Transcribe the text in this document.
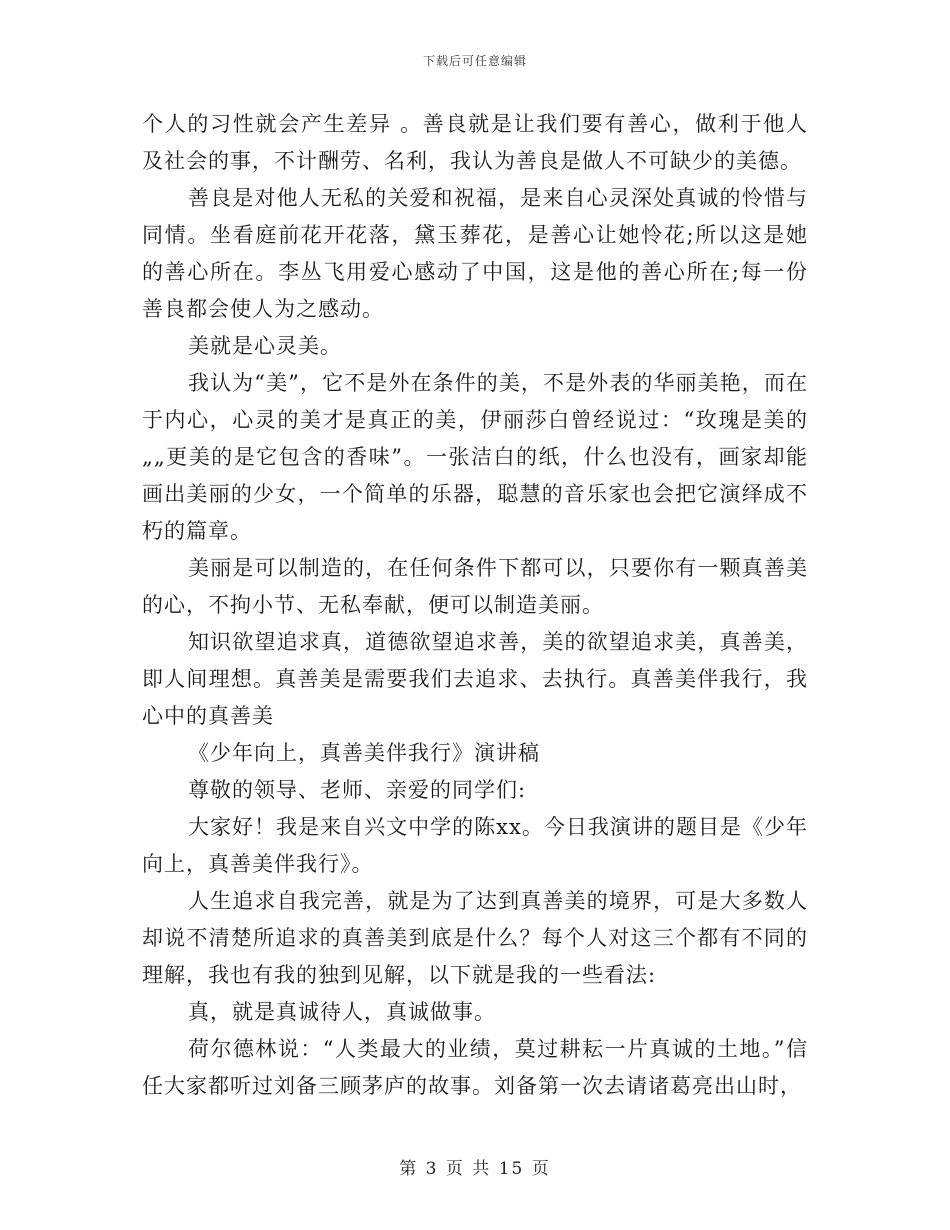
下载后可任意编辑

个人的习性就会产生差异 。善良就是让我们要有善心，做利于他人及社会的事，不计酬劳、名利，我认为善良是做人不可缺少的美德。

善良是对他人无私的关爱和祝福，是来自心灵深处真诚的怜惜与同情。坐看庭前花开花落，黛玉葬花，是善心让她怜花;所以这是她的善心所在。李丛飞用爱心感动了中国，这是他的善心所在;每一份善良都会使人为之感动。

美就是心灵美。

我认为“美”，它不是外在条件的美，不是外表的华丽美艳，而在于内心，心灵的美才是真正的美，伊丽莎白曾经说过：“玫瑰是美的„„更美的是它包含的香味”。一张洁白的纸，什么也没有，画家却能画出美丽的少女，一个简单的乐器，聪慧的音乐家也会把它演绎成不朽的篇章。

美丽是可以制造的，在任何条件下都可以，只要你有一颗真善美的心，不拘小节、无私奉献，便可以制造美丽。

知识欲望追求真，道德欲望追求善，美的欲望追求美，真善美，即人间理想。真善美是需要我们去追求、去执行。真善美伴我行，我心中的真善美

《少年向上，真善美伴我行》演讲稿

尊敬的领导、老师、亲爱的同学们:

大家好！我是来自兴文中学的陈xx。今日我演讲的题目是《少年向上，真善美伴我行》。

人生追求自我完善，就是为了达到真善美的境界，可是大多数人却说不清楚所追求的真善美到底是什么？每个人对这三个都有不同的理解，我也有我的独到见解，以下就是我的一些看法:

真，就是真诚待人，真诚做事。

荷尔德林说：“人类最大的业绩，莫过耕耘一片真诚的土地。”信任大家都听过刘备三顾茅庐的故事。刘备第一次去请诸葛亮出山时，

第 3 页 共 15 页
